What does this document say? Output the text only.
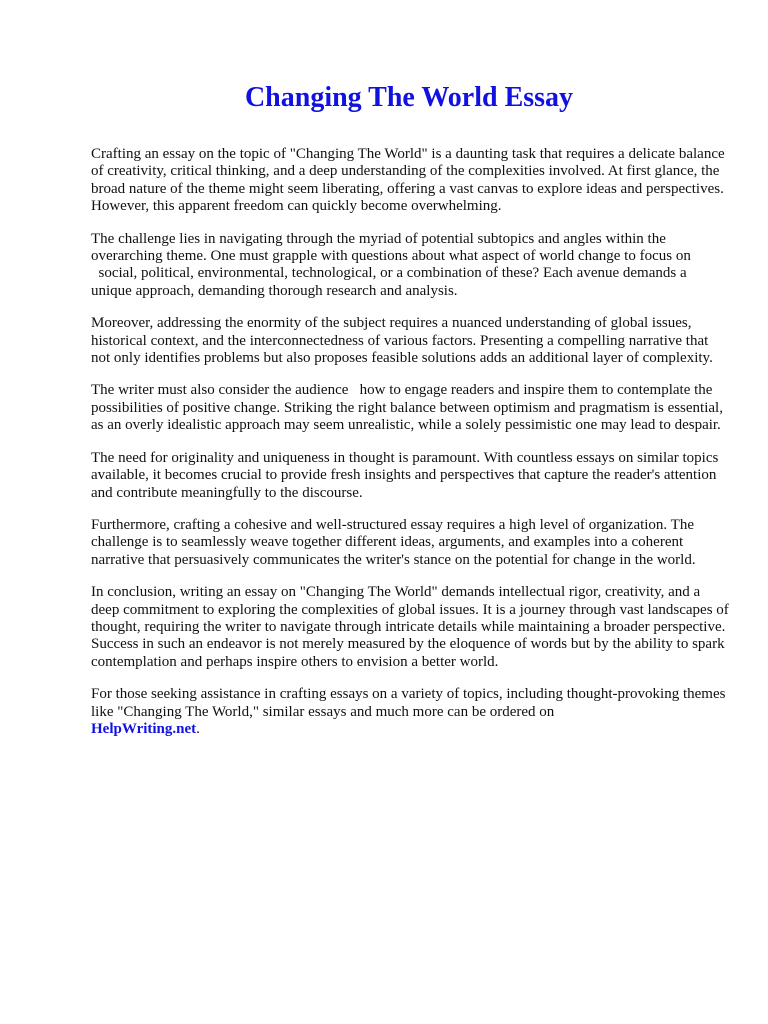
Changing The World Essay

Crafting an essay on the topic of "Changing The World" is a daunting task that requires a delicate balance of creativity, critical thinking, and a deep understanding of the complexities involved. At first glance, the broad nature of the theme might seem liberating, offering a vast canvas to explore ideas and perspectives. However, this apparent freedom can quickly become overwhelming.

The challenge lies in navigating through the myriad of potential subtopics and angles within the overarching theme. One must grapple with questions about what aspect of world change to focus on   social, political, environmental, technological, or a combination of these? Each avenue demands a unique approach, demanding thorough research and analysis.

Moreover, addressing the enormity of the subject requires a nuanced understanding of global issues, historical context, and the interconnectedness of various factors. Presenting a compelling narrative that not only identifies problems but also proposes feasible solutions adds an additional layer of complexity.

The writer must also consider the audience   how to engage readers and inspire them to contemplate the possibilities of positive change. Striking the right balance between optimism and pragmatism is essential, as an overly idealistic approach may seem unrealistic, while a solely pessimistic one may lead to despair.

The need for originality and uniqueness in thought is paramount. With countless essays on similar topics available, it becomes crucial to provide fresh insights and perspectives that capture the reader's attention and contribute meaningfully to the discourse.

Furthermore, crafting a cohesive and well-structured essay requires a high level of organization. The challenge is to seamlessly weave together different ideas, arguments, and examples into a coherent narrative that persuasively communicates the writer's stance on the potential for change in the world.

In conclusion, writing an essay on "Changing The World" demands intellectual rigor, creativity, and a deep commitment to exploring the complexities of global issues. It is a journey through vast landscapes of thought, requiring the writer to navigate through intricate details while maintaining a broader perspective. Success in such an endeavor is not merely measured by the eloquence of words but by the ability to spark contemplation and perhaps inspire others to envision a better world.

For those seeking assistance in crafting essays on a variety of topics, including thought-provoking themes like "Changing The World," similar essays and much more can be ordered on
HelpWriting.net.
